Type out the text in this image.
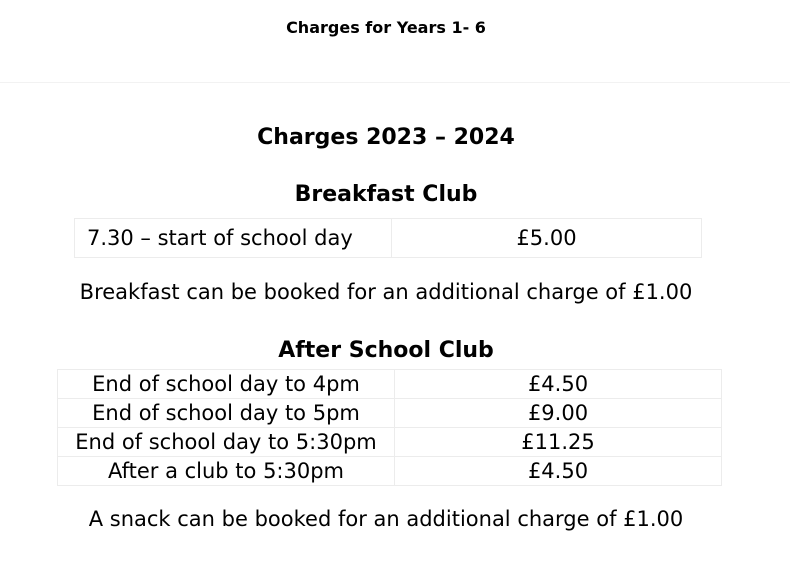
Charges for Years 1- 6
Charges 2023 – 2024
Breakfast Club
7.30 – start of school day	£5.00
Breakfast can be booked for an additional charge of £1.00
After School Club
End of school day to 4pm	£4.50
End of school day to 5pm	£9.00
End of school day to 5:30pm	£11.25
After a club to 5:30pm	£4.50
A snack can be booked for an additional charge of £1.00
